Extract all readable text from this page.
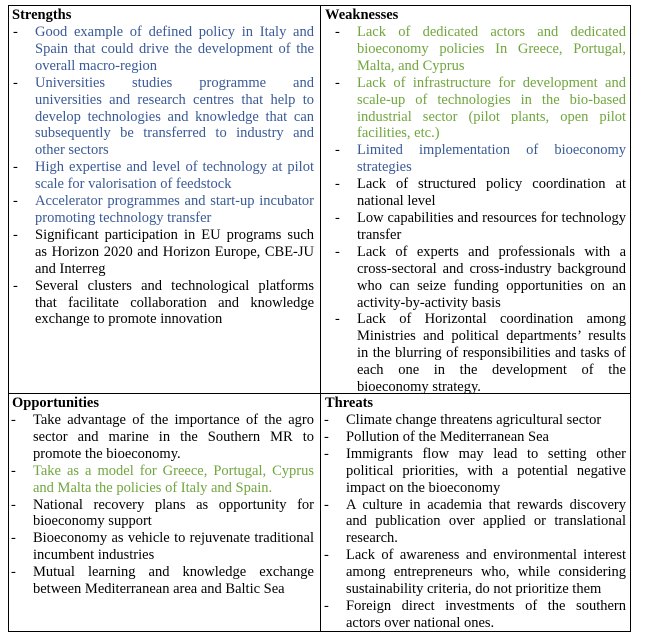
Strengths

- Good example of defined policy in Italy and Spain that could drive the development of the overall macro-region

- Universities studies programme and universities and research centres that help to develop technologies and knowledge that can subsequently be transferred to industry and other sectors

- High expertise and level of technology at pilot scale for valorisation of feedstock

- Accelerator programmes and start-up incubator promoting technology transfer

- Significant participation in EU programs such as Horizon 2020 and Horizon Europe, CBE-JU and Interreg

- Several clusters and technological platforms that facilitate collaboration and knowledge exchange to promote innovation

Weaknesses

- Lack of dedicated actors and dedicated bioeconomy policies In Greece, Portugal, Malta, and Cyprus

- Lack of infrastructure for development and scale-up of technologies in the bio-based industrial sector (pilot plants, open pilot facilities, etc.)

- Limited implementation of bioeconomy strategies

- Lack of structured policy coordination at national level

- Low capabilities and resources for technology transfer

- Lack of experts and professionals with a cross-sectoral and cross-industry background who can seize funding opportunities on an activity-by-activity basis

- Lack of Horizontal coordination among Ministries and political departments’ results in the blurring of responsibilities and tasks of each one in the development of the bioeconomy strategy.

Opportunities

- Take advantage of the importance of the agro sector and marine in the Southern MR to promote the bioeconomy.

- Take as a model for Greece, Portugal, Cyprus and Malta the policies of Italy and Spain.

- National recovery plans as opportunity for bioeconomy support

- Bioeconomy as vehicle to rejuvenate traditional incumbent industries

- Mutual learning and knowledge exchange between Mediterranean area and Baltic Sea

Threats

- Climate change threatens agricultural sector

- Pollution of the Mediterranean Sea

- Immigrants flow may lead to setting other political priorities, with a potential negative impact on the bioeconomy

- A culture in academia that rewards discovery and publication over applied or translational research.

- Lack of awareness and environmental interest among entrepreneurs who, while considering sustainability criteria, do not prioritize them

- Foreign direct investments of the southern actors over national ones.
